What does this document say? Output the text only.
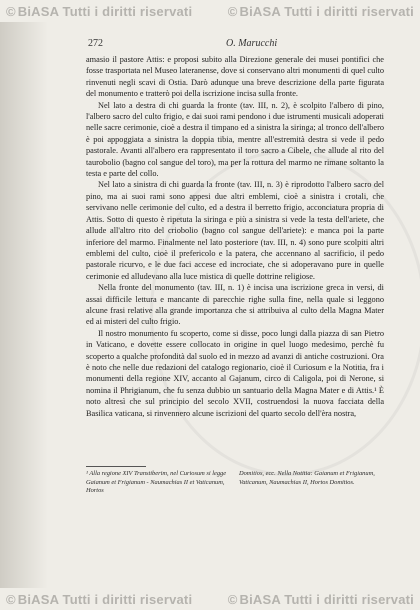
© BiASA Tutti i diritti riservati	© BiASA Tutti i diritti riservati
272	O. Marucchi

amasio il pastore Attis: e proposi subito alla Direzione generale dei musei pontifici che fosse trasportata nel Museo lateranense, dove si conservano altri monumenti di quel culto rinvenuti negli scavi di Ostia. Darò adunque una breve descrizione della parte figurata del monumento e tratterò poi della iscrizione incisa sulla fronte.

Nel lato a destra di chi guarda la fronte (tav. III, n. 2), è scolpito l'albero di pino, l'albero sacro del culto frigio, e dai suoi rami pendono i due istrumenti musicali adoperati nelle sacre cerimonie, cioè a destra il timpano ed a sinistra la siringa; al tronco dell'albero è poi appoggiata a sinistra la doppia tibia, mentre all'estremità destra si vede il pedo pastorale. Avanti all'albero era rappresentato il toro sacro a Cibele, che allude al rito del taurobolio (bagno col sangue del toro), ma per la rottura del marmo ne rimane soltanto la testa e parte del collo.

Nel lato a sinistra di chi guarda la fronte (tav. III, n. 3) è riprodotto l'albero sacro del pino, ma ai suoi rami sono appesi due altri emblemi, cioè a sinistra i crotali, che servivano nelle cerimonie del culto, ed a destra il berretto frigio, acconciatura propria di Attis. Sotto di questo è ripetuta la siringa e più a sinistra si vede la testa dell'ariete, che allude all'altro rito del criobolio (bagno col sangue dell'ariete): e manca poi la parte inferiore del marmo. Finalmente nel lato posteriore (tav. III, n. 4) sono pure scolpiti altri emblemi del culto, cioè il prefericolo e la patera, che accennano al sacrificio, il pedo pastorale ricurvo, e le due faci accese ed incrociate, che si adoperavano pure in quelle cerimonie ed alludevano alla luce mistica di quelle dottrine religiose.

Nella fronte del monumento (tav. III, n. 1) è incisa una iscrizione greca in versi, di assai difficile lettura e mancante di parecchie righe sulla fine, nella quale si leggono alcune frasi relative alla grande importanza che si attribuiva al culto della Magna Mater ed ai misteri del culto frigio.

Il nostro monumento fu scoperto, come si disse, poco lungi dalla piazza di san Pietro in Vaticano, e dovette essere collocato in origine in quel luogo medesimo, perchè fu scoperto a qualche profondità dal suolo ed in mezzo ad avanzi di antiche costruzioni. Ora è noto che nelle due redazioni del catalogo regionario, cioè il Curiosum e la Notitia, fra i monumenti della regione XIV, accanto al Gajanum, circo di Caligola, poi di Nerone, si nomina il Phrigianum, che fu senza dubbio un santuario della Magna Mater e di Attis.¹ È noto altresì che sul principio del secolo XVII, costruendosi la nuova facciata della Basilica vaticana, si rinvennero alcune iscrizioni del quarto secolo dell'èra nostra,

¹ Alla regione XIV Transtiberim, nel Curiosum si legge Gaianum et Frigianum - Naumachias II et Vaticanum, Hortos
Domitios, ecc. Nella Notitia: Gaianum et Frigianum, Vaticanum, Naumachias II, Hortos Domitios.
© BiASA Tutti i diritti riservati	© BiASA Tutti i diritti riservati
